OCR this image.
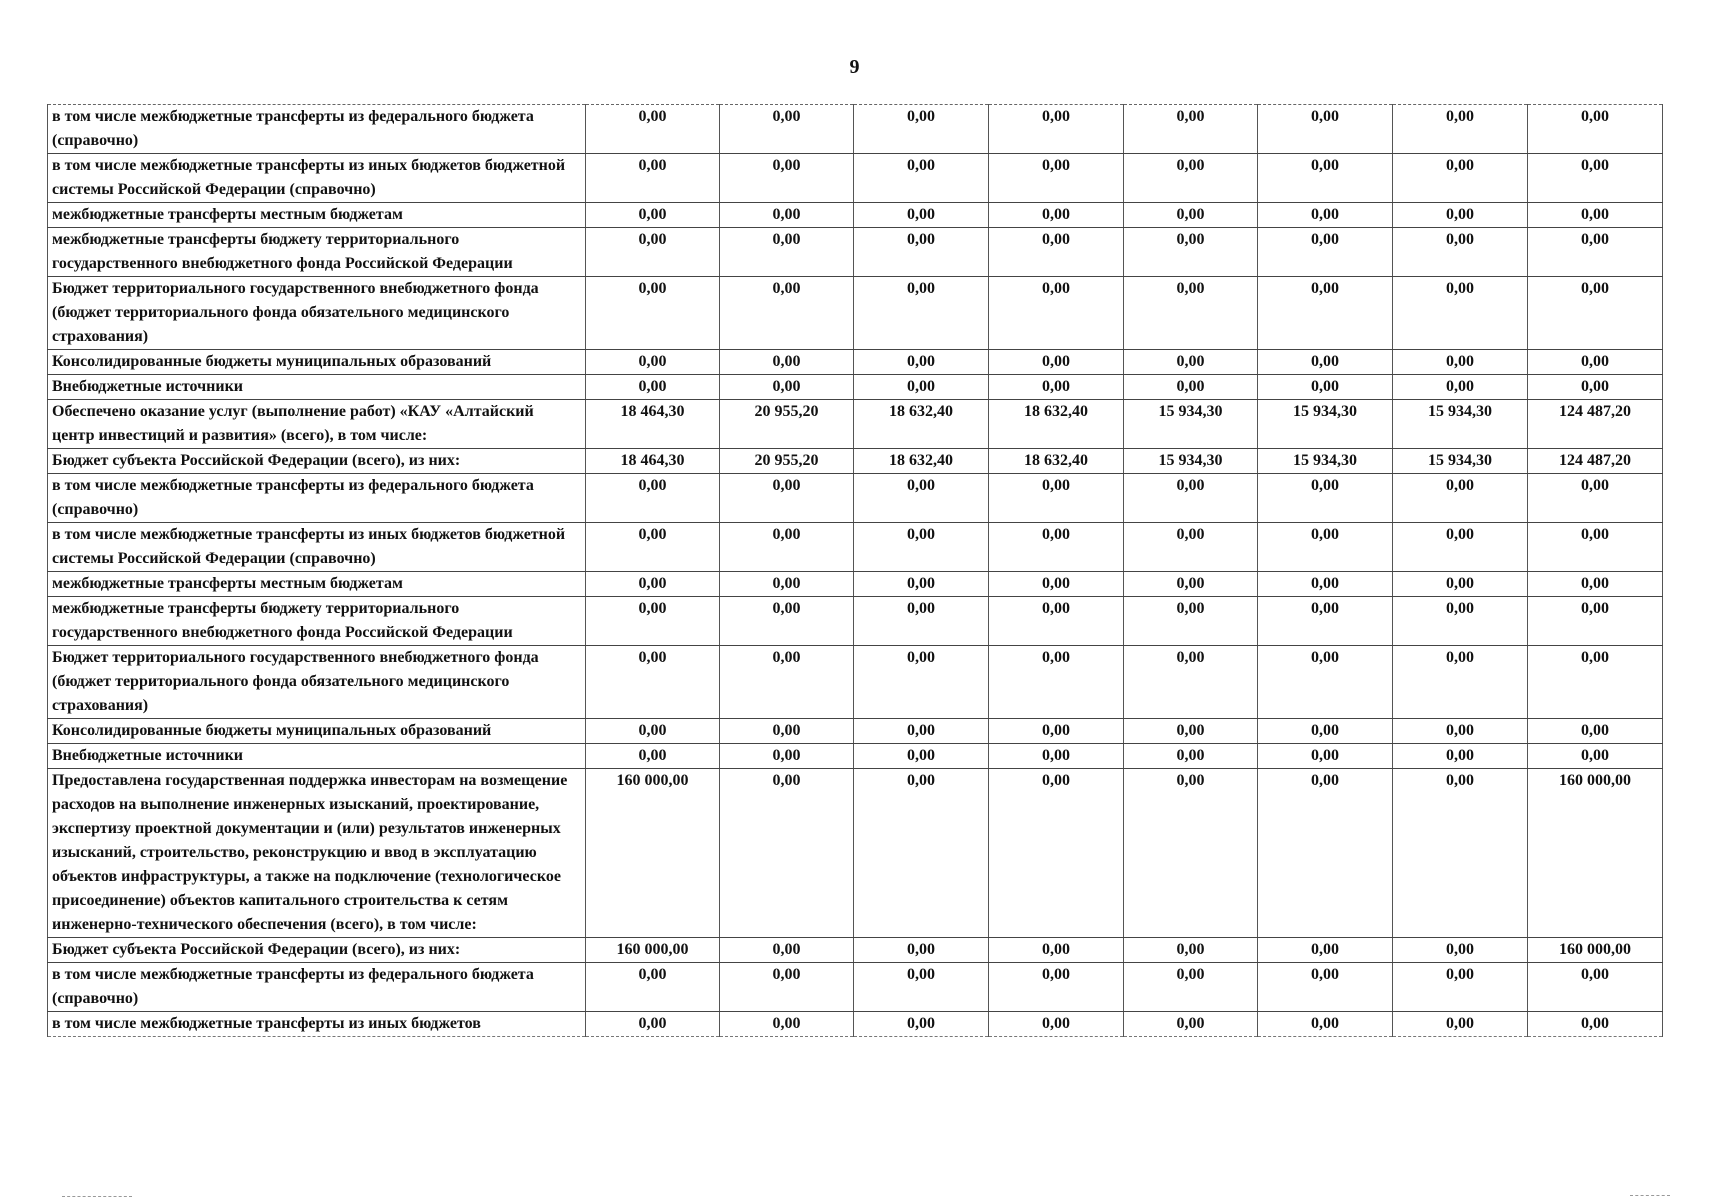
9
в том числе межбюджетные трансферты из федерального бюджета (справочно)	0,00	0,00	0,00	0,00	0,00	0,00	0,00	0,00
в том числе межбюджетные трансферты из иных бюджетов бюджетной системы Российской Федерации (справочно)	0,00	0,00	0,00	0,00	0,00	0,00	0,00	0,00
межбюджетные трансферты местным бюджетам	0,00	0,00	0,00	0,00	0,00	0,00	0,00	0,00
межбюджетные трансферты бюджету территориального государственного внебюджетного фонда Российской Федерации	0,00	0,00	0,00	0,00	0,00	0,00	0,00	0,00
Бюджет территориального государственного внебюджетного фонда (бюджет территориального фонда обязательного медицинского страхования)	0,00	0,00	0,00	0,00	0,00	0,00	0,00	0,00
Консолидированные бюджеты муниципальных образований	0,00	0,00	0,00	0,00	0,00	0,00	0,00	0,00
Внебюджетные источники	0,00	0,00	0,00	0,00	0,00	0,00	0,00	0,00
Обеспечено оказание услуг (выполнение работ) «КАУ «Алтайский центр инвестиций и развития» (всего), в том числе:	18 464,30	20 955,20	18 632,40	18 632,40	15 934,30	15 934,30	15 934,30	124 487,20
Бюджет субъекта Российской Федерации (всего), из них:	18 464,30	20 955,20	18 632,40	18 632,40	15 934,30	15 934,30	15 934,30	124 487,20
в том числе межбюджетные трансферты из федерального бюджета (справочно)	0,00	0,00	0,00	0,00	0,00	0,00	0,00	0,00
в том числе межбюджетные трансферты из иных бюджетов бюджетной системы Российской Федерации (справочно)	0,00	0,00	0,00	0,00	0,00	0,00	0,00	0,00
межбюджетные трансферты местным бюджетам	0,00	0,00	0,00	0,00	0,00	0,00	0,00	0,00
межбюджетные трансферты бюджету территориального государственного внебюджетного фонда Российской Федерации	0,00	0,00	0,00	0,00	0,00	0,00	0,00	0,00
Бюджет территориального государственного внебюджетного фонда (бюджет территориального фонда обязательного медицинского страхования)	0,00	0,00	0,00	0,00	0,00	0,00	0,00	0,00
Консолидированные бюджеты муниципальных образований	0,00	0,00	0,00	0,00	0,00	0,00	0,00	0,00
Внебюджетные источники	0,00	0,00	0,00	0,00	0,00	0,00	0,00	0,00
Предоставлена государственная поддержка инвесторам на возмещение расходов на выполнение инженерных изысканий, проектирование, экспертизу проектной документации и (или) результатов инженерных изысканий, строительство, реконструкцию и ввод в эксплуатацию объектов инфраструктуры, а также на подключение (технологическое присоединение) объектов капитального строительства к сетям инженерно-технического обеспечения (всего), в том числе:	160 000,00	0,00	0,00	0,00	0,00	0,00	0,00	160 000,00
Бюджет субъекта Российской Федерации (всего), из них:	160 000,00	0,00	0,00	0,00	0,00	0,00	0,00	160 000,00
в том числе межбюджетные трансферты из федерального бюджета (справочно)	0,00	0,00	0,00	0,00	0,00	0,00	0,00	0,00
в том числе межбюджетные трансферты из иных бюджетов	0,00	0,00	0,00	0,00	0,00	0,00	0,00	0,00
